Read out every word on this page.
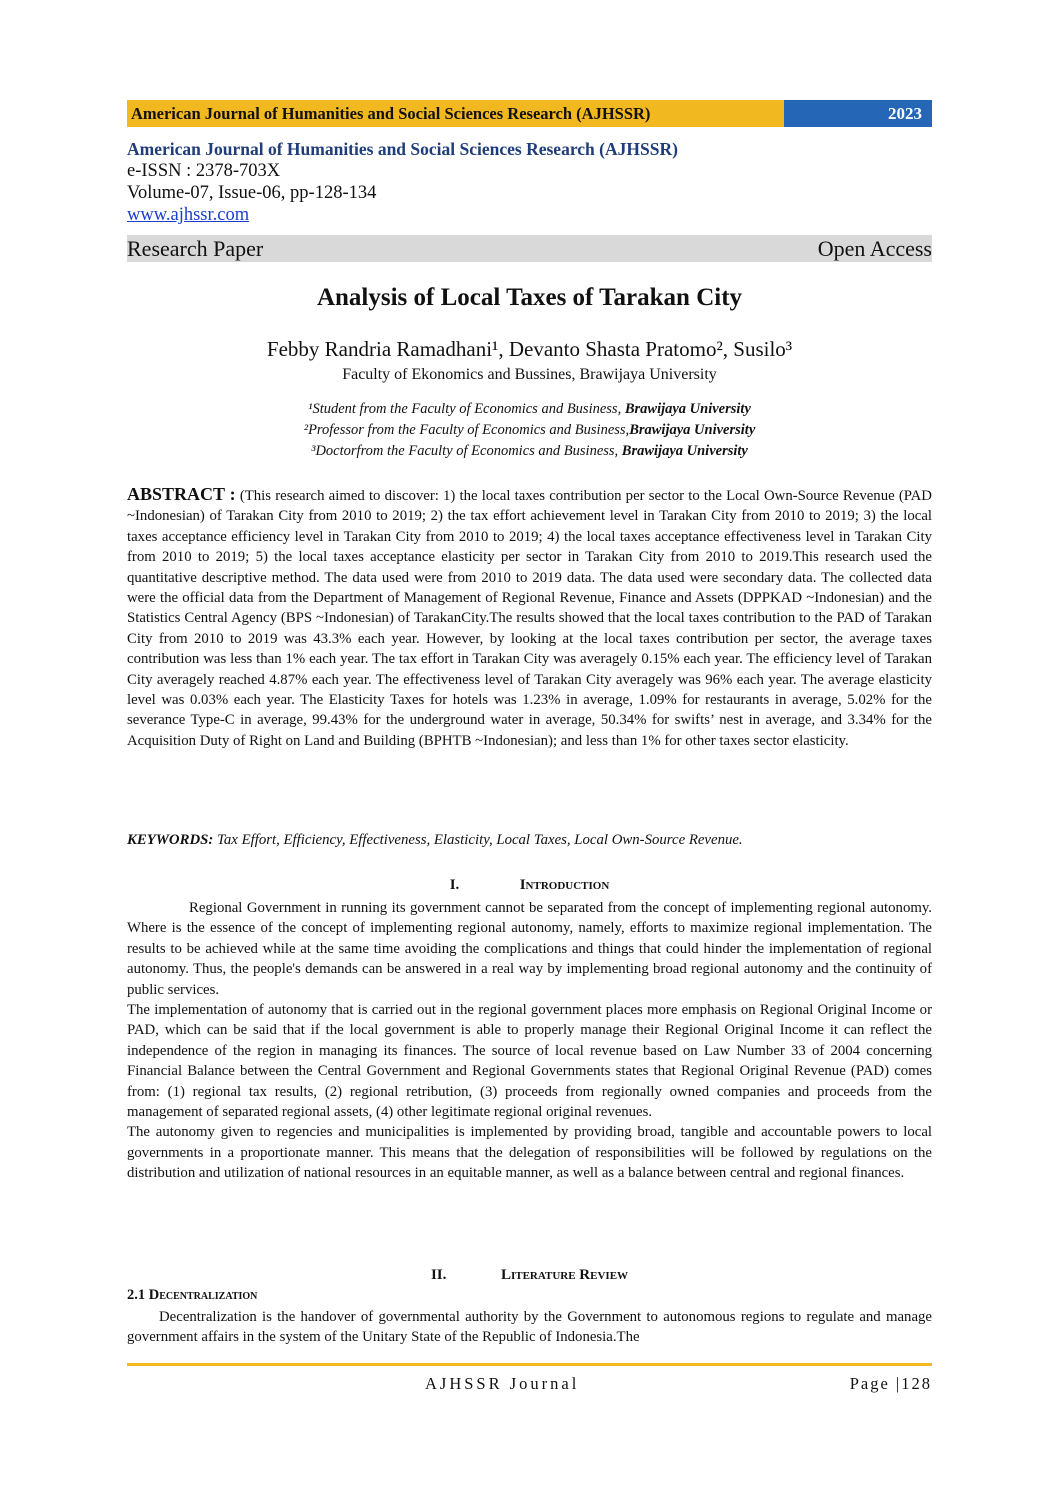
American Journal of Humanities and Social Sciences Research (AJHSSR)	2023
American Journal of Humanities and Social Sciences Research (AJHSSR)
e-ISSN : 2378-703X
Volume-07, Issue-06, pp-128-134
www.ajhssr.com
Research Paper	Open Access
Analysis of Local Taxes of Tarakan City
Febby Randria Ramadhani¹, Devanto Shasta Pratomo², Susilo³
Faculty of Ekonomics and Bussines, Brawijaya University
¹Student from the Faculty of Economics and Business, Brawijaya University
²Professor from the Faculty of Economics and Business,Brawijaya University
³Doctorfrom the Faculty of Economics and Business, Brawijaya University
ABSTRACT : (This research aimed to discover: 1) the local taxes contribution per sector to the Local Own-Source Revenue (PAD ~Indonesian) of Tarakan City from 2010 to 2019; 2) the tax effort achievement level in Tarakan City from 2010 to 2019; 3) the local taxes acceptance efficiency level in Tarakan City from 2010 to 2019; 4) the local taxes acceptance effectiveness level in Tarakan City from 2010 to 2019; 5) the local taxes acceptance elasticity per sector in Tarakan City from 2010 to 2019.This research used the quantitative descriptive method. The data used were from 2010 to 2019 data. The data used were secondary data. The collected data were the official data from the Department of Management of Regional Revenue, Finance and Assets (DPPKAD ~Indonesian) and the Statistics Central Agency (BPS ~Indonesian) of TarakanCity.The results showed that the local taxes contribution to the PAD of Tarakan City from 2010 to 2019 was 43.3% each year. However, by looking at the local taxes contribution per sector, the average taxes contribution was less than 1% each year. The tax effort in Tarakan City was averagely 0.15% each year. The efficiency level of Tarakan City averagely reached 4.87% each year. The effectiveness level of Tarakan City averagely was 96% each year. The average elasticity level was 0.03% each year. The Elasticity Taxes for hotels was 1.23% in average, 1.09% for restaurants in average, 5.02% for the severance Type-C in average, 99.43% for the underground water in average, 50.34% for swifts’ nest in average, and 3.34% for the Acquisition Duty of Right on Land and Building (BPHTB ~Indonesian); and less than 1% for other taxes sector elasticity.
KEYWORDS: Tax Effort, Efficiency, Effectiveness, Elasticity, Local Taxes, Local Own-Source Revenue.
I.	Introduction

Regional Government in running its government cannot be separated from the concept of implementing regional autonomy. Where is the essence of the concept of implementing regional autonomy, namely, efforts to maximize regional implementation. The results to be achieved while at the same time avoiding the complications and things that could hinder the implementation of regional autonomy. Thus, the people's demands can be answered in a real way by implementing broad regional autonomy and the continuity of public services.

The implementation of autonomy that is carried out in the regional government places more emphasis on Regional Original Income or PAD, which can be said that if the local government is able to properly manage their Regional Original Income it can reflect the independence of the region in managing its finances. The source of local revenue based on Law Number 33 of 2004 concerning Financial Balance between the Central Government and Regional Governments states that Regional Original Revenue (PAD) comes from: (1) regional tax results, (2) regional retribution, (3) proceeds from regionally owned companies and proceeds from the management of separated regional assets, (4) other legitimate regional original revenues.

The autonomy given to regencies and municipalities is implemented by providing broad, tangible and accountable powers to local governments in a proportionate manner. This means that the delegation of responsibilities will be followed by regulations on the distribution and utilization of national resources in an equitable manner, as well as a balance between central and regional finances.

II.	Literature Review
2.1 Decentralization
Decentralization is the handover of governmental authority by the Government to autonomous regions to regulate and manage government affairs in the system of the Unitary State of the Republic of Indonesia.The
AJHSSR Journal	Page |128
